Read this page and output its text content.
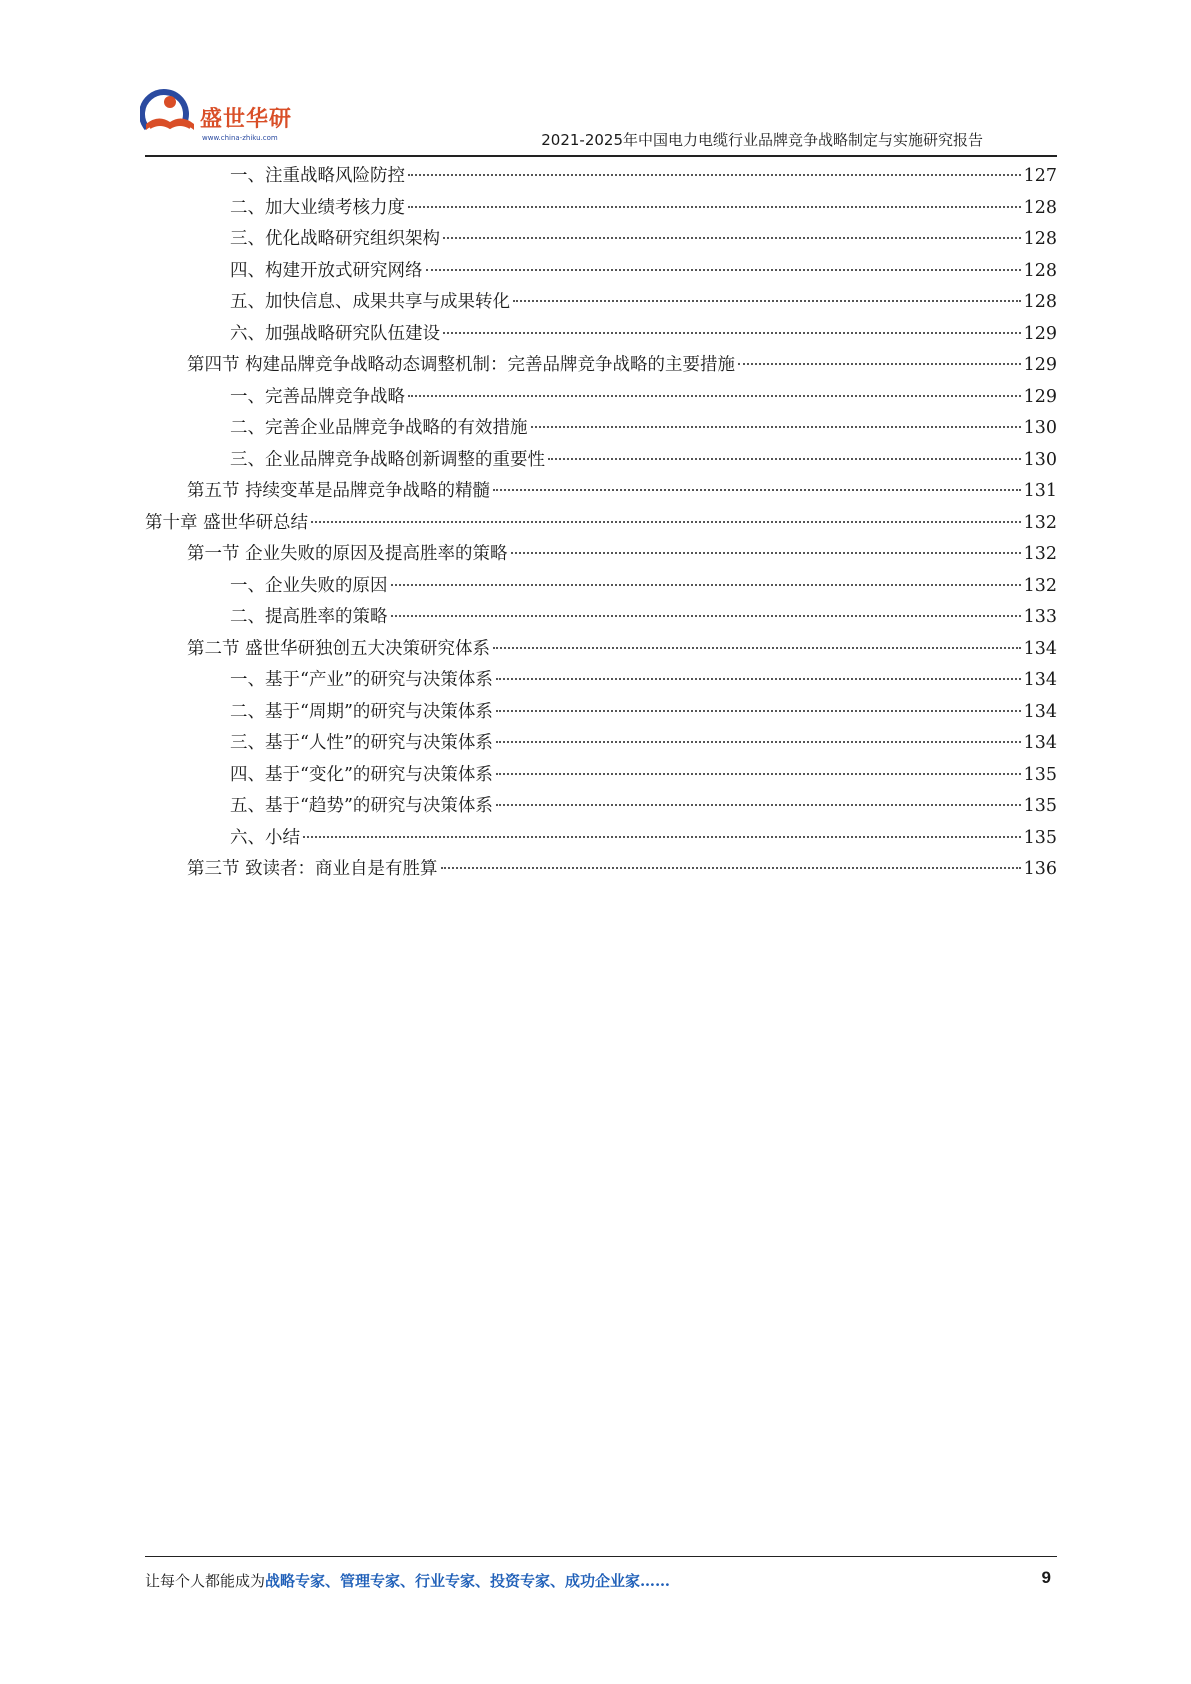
盛世华研
www.china-zhiku.com	2021-2025年中国电力电缆行业品牌竞争战略制定与实施研究报告
一、注重战略风险防控	127
二、加大业绩考核力度	128
三、优化战略研究组织架构	128
四、构建开放式研究网络	128
五、加快信息、成果共享与成果转化	128
六、加强战略研究队伍建设	129
第四节 构建品牌竞争战略动态调整机制：完善品牌竞争战略的主要措施	129
一、完善品牌竞争战略	129
二、完善企业品牌竞争战略的有效措施	130
三、企业品牌竞争战略创新调整的重要性	130
第五节 持续变革是品牌竞争战略的精髓	131
第十章 盛世华研总结	132
第一节 企业失败的原因及提高胜率的策略	132
一、企业失败的原因	132
二、提高胜率的策略	133
第二节 盛世华研独创五大决策研究体系	134
一、基于“产业”的研究与决策体系	134
二、基于“周期”的研究与决策体系	134
三、基于“人性”的研究与决策体系	134
四、基于“变化”的研究与决策体系	135
五、基于“趋势”的研究与决策体系	135
六、小结	135
第三节 致读者：商业自是有胜算	136
让每个人都能成为战略专家、管理专家、行业专家、投资专家、成功企业家……	9
